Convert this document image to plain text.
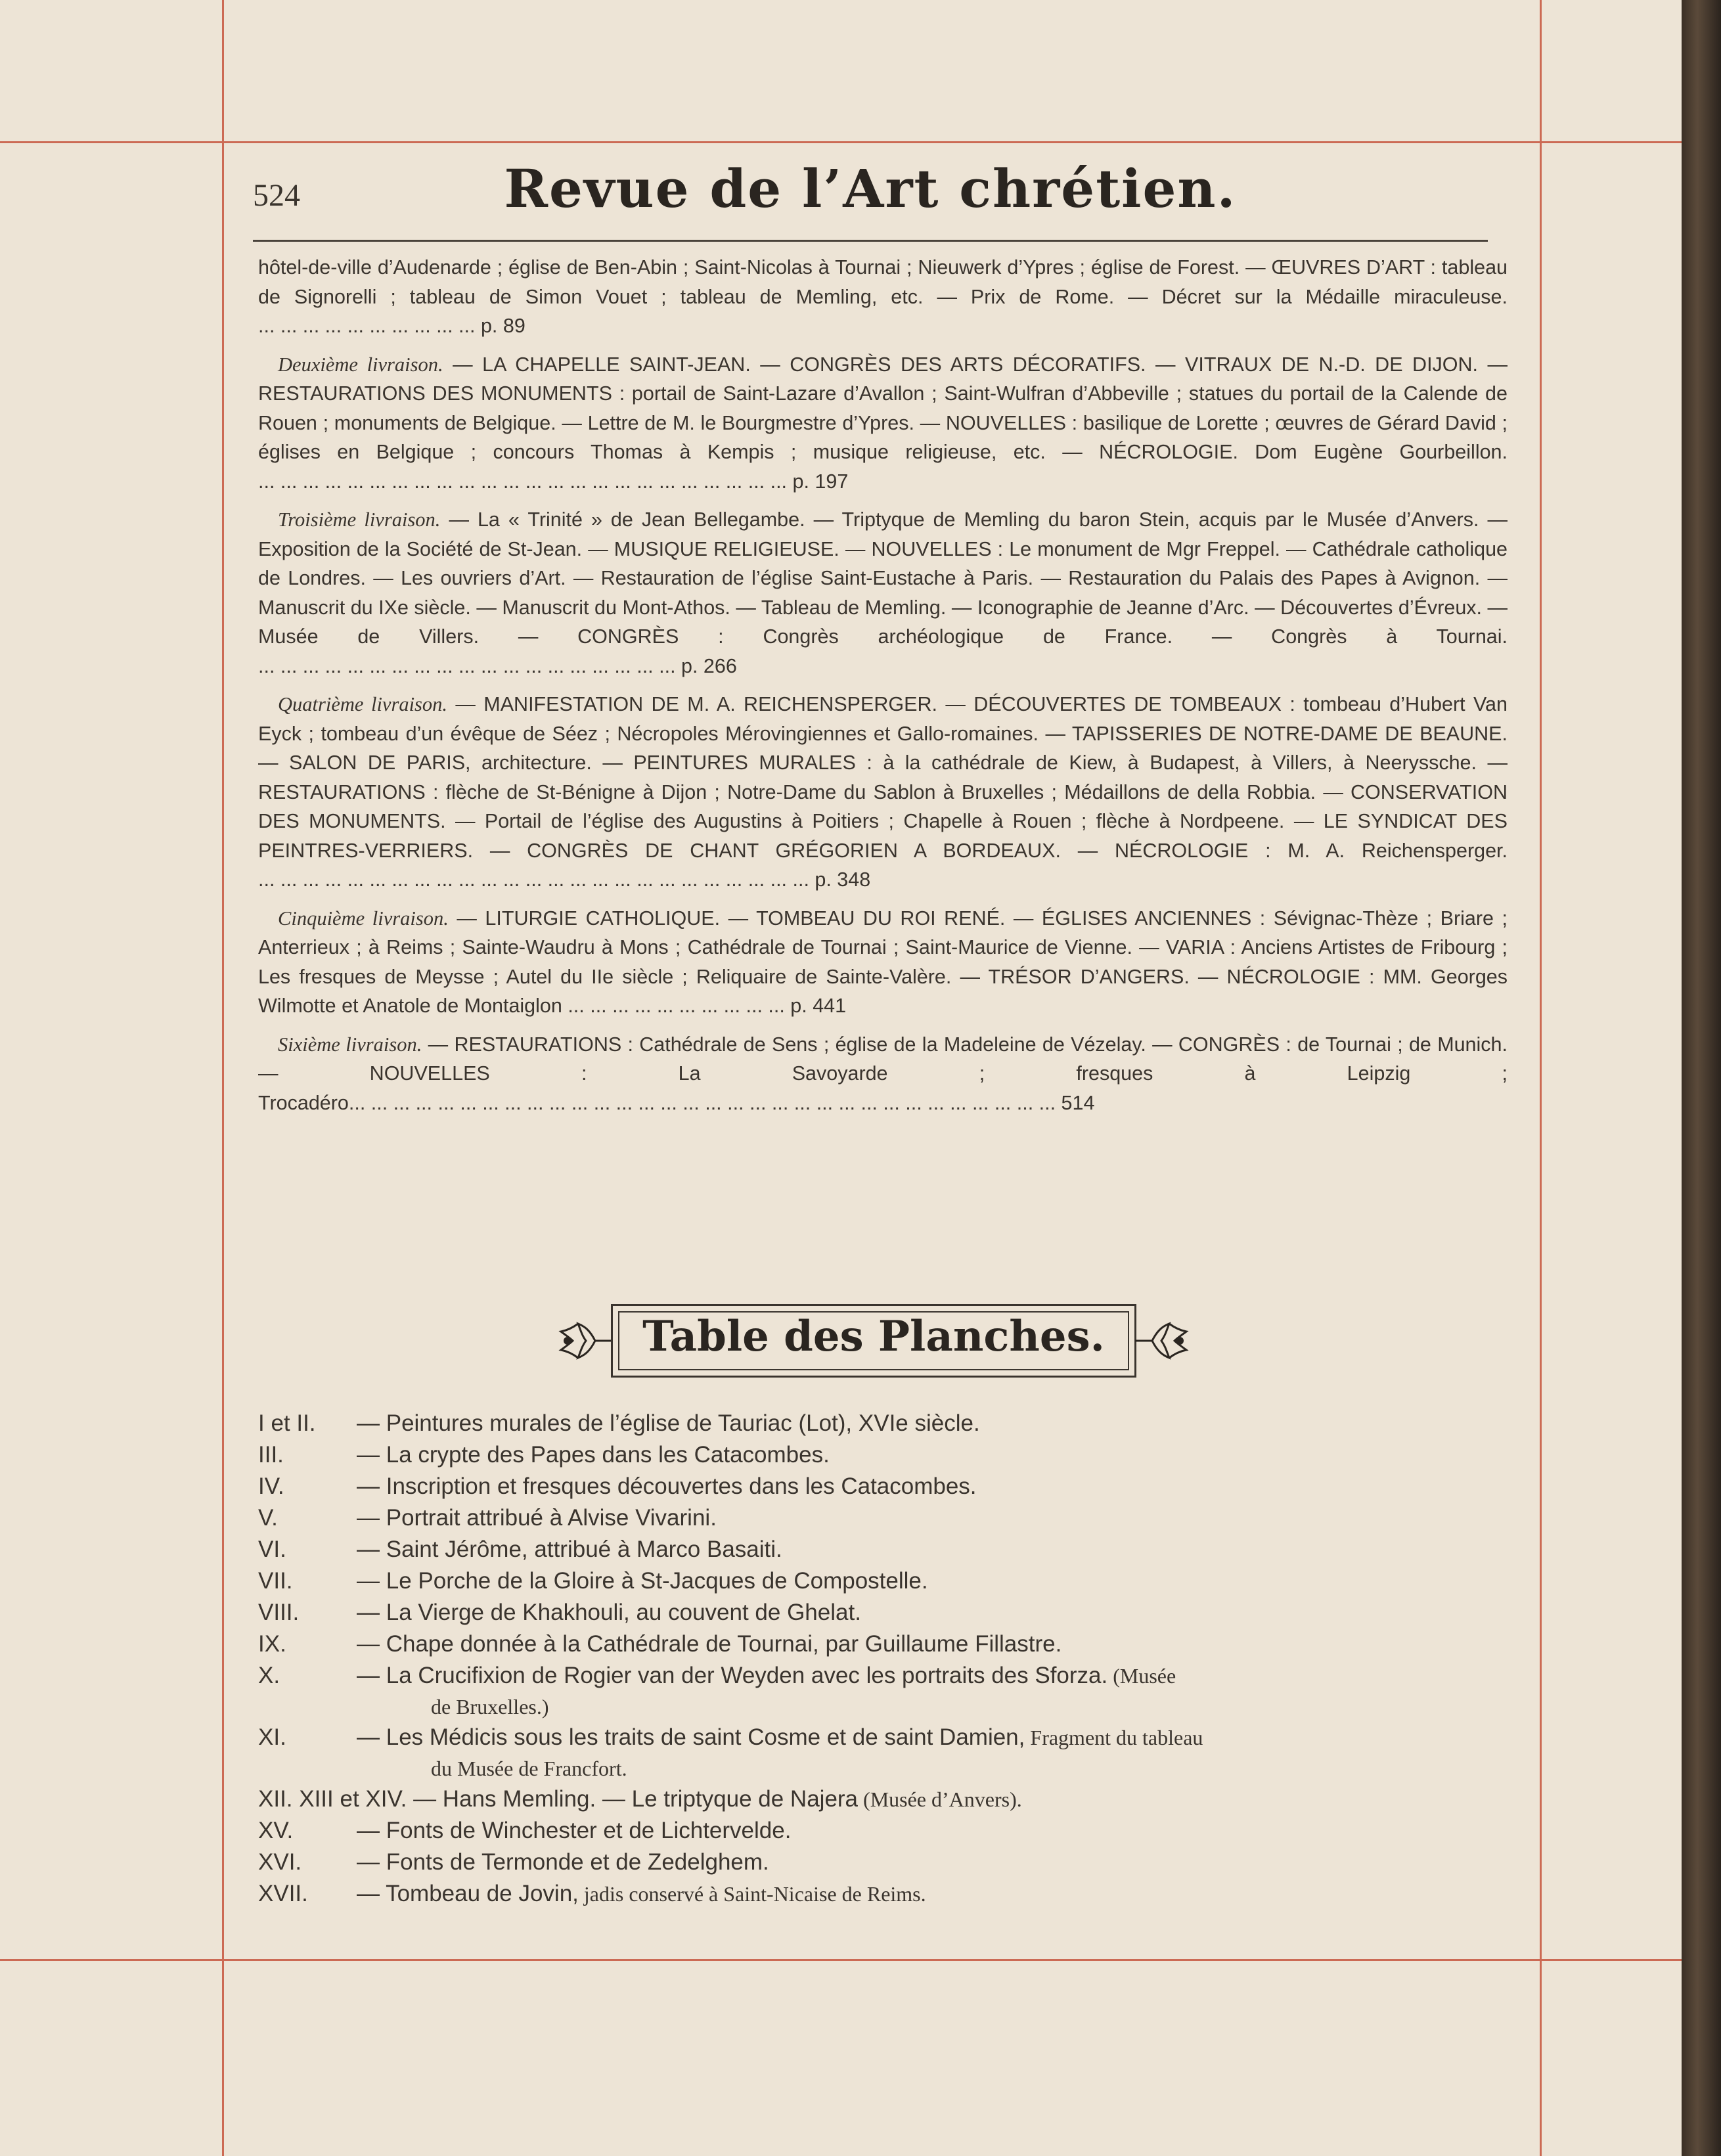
524	Revue de l’Art chrétien.
hôtel-de-ville d’Audenarde ; église de Ben-Abin ; Saint-Nicolas à Tournai ; Nieuwerk d’Ypres ; église de Forest. — ŒUVRES D’ART : tableau de Signorelli ; tableau de Simon Vouet ; tableau de Memling, etc. — Prix de Rome. — Décret sur la Médaille miraculeuse. ... ... ... ... ... ... ... ... ... ... p. 89
Deuxième livraison. — LA CHAPELLE SAINT-JEAN. — CONGRÈS DES ARTS DÉCORATIFS. — VITRAUX DE N.-D. DE DIJON. — RESTAURATIONS DES MONUMENTS : portail de Saint-Lazare d’Avallon ; Saint-Wulfran d’Abbeville ; statues du portail de la Calende de Rouen ; monuments de Belgique. — Lettre de M. le Bourgmestre d’Ypres. — NOUVELLES : basilique de Lorette ; œuvres de Gérard David ; églises en Belgique ; concours Thomas à Kempis ; musique religieuse, etc. — NÉCROLOGIE. Dom Eugène Gourbeillon. ... ... ... ... ... ... ... ... ... ... ... ... ... ... ... ... ... ... ... ... ... ... ... ... p. 197
Troisième livraison. — La « Trinité » de Jean Bellegambe. — Triptyque de Memling du baron Stein, acquis par le Musée d’Anvers. — Exposition de la Société de St-Jean. — MUSIQUE RELIGIEUSE. — NOUVELLES : Le monument de Mgr Freppel. — Cathédrale catholique de Londres. — Les ouvriers d’Art. — Restauration de l’église Saint-Eustache à Paris. — Restauration du Palais des Papes à Avignon. — Manuscrit du IXe siècle. — Manuscrit du Mont-Athos. — Tableau de Memling. — Iconographie de Jeanne d’Arc. — Découvertes d’Évreux. — Musée de Villers. — CONGRÈS : Congrès archéologique de France. — Congrès à Tournai. ... ... ... ... ... ... ... ... ... ... ... ... ... ... ... ... ... ... ... p. 266
Quatrième livraison. — MANIFESTATION DE M. A. REICHENSPERGER. — DÉCOUVERTES DE TOMBEAUX : tombeau d’Hubert Van Eyck ; tombeau d’un évêque de Séez ; Nécropoles Mérovingiennes et Gallo-romaines. — TAPISSERIES DE NOTRE-DAME DE BEAUNE. — SALON DE PARIS, architecture. — PEINTURES MURALES : à la cathédrale de Kiew, à Budapest, à Villers, à Neeryssche. — RESTAURATIONS : flèche de St-Bénigne à Dijon ; Notre-Dame du Sablon à Bruxelles ; Médaillons de della Robbia. — CONSERVATION DES MONUMENTS. — Portail de l’église des Augustins à Poitiers ; Chapelle à Rouen ; flèche à Nordpeene. — LE SYNDICAT DES PEINTRES-VERRIERS. — CONGRÈS DE CHANT GRÉGORIEN A BORDEAUX. — NÉCROLOGIE : M. A. Reichensperger. ... ... ... ... ... ... ... ... ... ... ... ... ... ... ... ... ... ... ... ... ... ... ... ... ... p. 348
Cinquième livraison. — LITURGIE CATHOLIQUE. — TOMBEAU DU ROI RENÉ. — ÉGLISES ANCIENNES : Sévignac-Thèze ; Briare ; Anterrieux ; à Reims ; Sainte-Waudru à Mons ; Cathédrale de Tournai ; Saint-Maurice de Vienne. — VARIA : Anciens Artistes de Fribourg ; Les fresques de Meysse ; Autel du IIe siècle ; Reliquaire de Sainte-Valère. — TRÉSOR D’ANGERS. — NÉCROLOGIE : MM. Georges Wilmotte et Anatole de Montaiglon ... ... ... ... ... ... ... ... ... ... p. 441
Sixième livraison. — RESTAURATIONS : Cathédrale de Sens ; église de la Madeleine de Vézelay. — CONGRÈS : de Tournai ; de Munich. — NOUVELLES : La Savoyarde ; fresques à Leipzig ; Trocadéro... ... ... ... ... ... ... ... ... ... ... ... ... ... ... ... ... ... ... ... ... ... ... ... ... ... ... ... ... ... ... ... 514
Table des Planches.
I et II.	— Peintures murales de l’église de Tauriac (Lot), XVIe siècle.
III.	— La crypte des Papes dans les Catacombes.
IV.	— Inscription et fresques découvertes dans les Catacombes.
V.	— Portrait attribué à Alvise Vivarini.
VI.	— Saint Jérôme, attribué à Marco Basaiti.
VII.	— Le Porche de la Gloire à St-Jacques de Compostelle.
VIII.	— La Vierge de Khakhouli, au couvent de Ghelat.
IX.	— Chape donnée à la Cathédrale de Tournai, par Guillaume Fillastre.
X.	— La Crucifixion de Rogier van der Weyden avec les portraits des Sforza. (Musée
de Bruxelles.)
XI.	— Les Médicis sous les traits de saint Cosme et de saint Damien, Fragment du tableau
du Musée de Francfort.
XII. XIII et XIV. — Hans Memling. — Le triptyque de Najera (Musée d’Anvers).
XV.	— Fonts de Winchester et de Lichtervelde.
XVI.	— Fonts de Termonde et de Zedelghem.
XVII.	— Tombeau de Jovin, jadis conservé à Saint-Nicaise de Reims.
